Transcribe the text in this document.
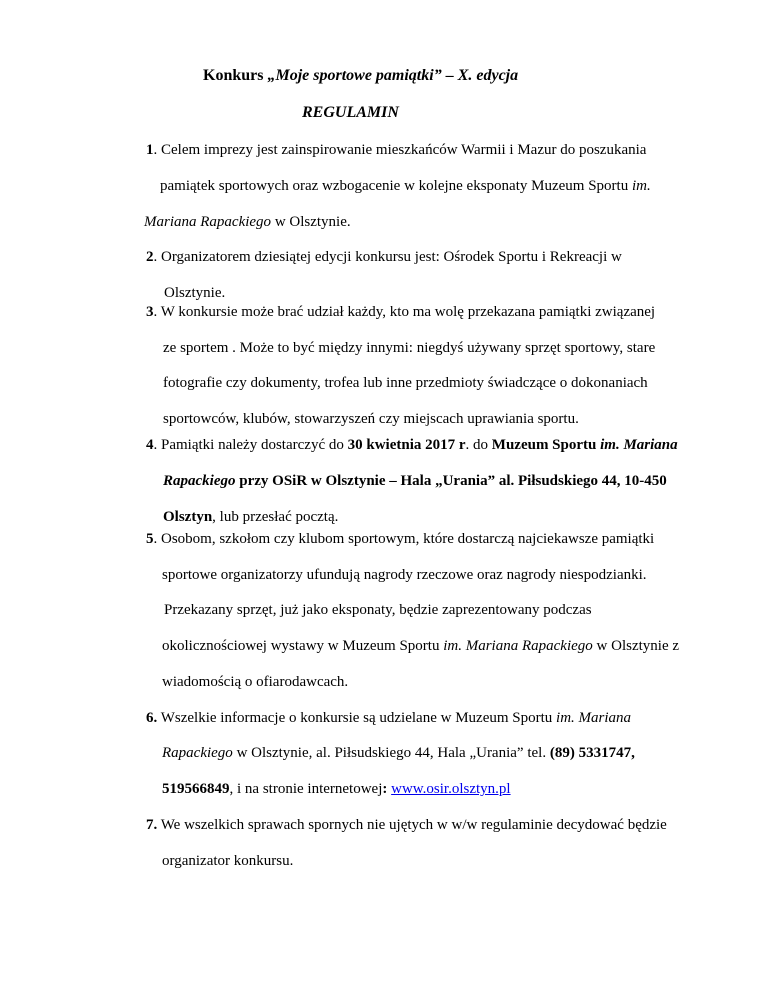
Konkurs „Moje sportowe pamiątki” – X. edycja
REGULAMIN
1. Celem imprezy jest zainspirowanie mieszkańców Warmii i Mazur do poszukania
pamiątek sportowych oraz wzbogacenie w kolejne eksponaty Muzeum Sportu im.
Mariana Rapackiego w Olsztynie.
2. Organizatorem dziesiątej edycji konkursu jest: Ośrodek Sportu i Rekreacji w
Olsztynie.
3. W konkursie może brać udział każdy, kto ma wolę przekazana pamiątki związanej
ze sportem . Może to być między innymi: niegdyś używany sprzęt sportowy, stare
fotografie czy dokumenty, trofea lub inne przedmioty świadczące o dokonaniach
sportowców, klubów, stowarzyszeń czy miejscach uprawiania sportu.
4. Pamiątki należy dostarczyć do 30 kwietnia 2017 r. do Muzeum Sportu im. Mariana
Rapackiego przy OSiR w Olsztynie – Hala „Urania” al. Piłsudskiego 44, 10-450
Olsztyn, lub przesłać pocztą.
5. Osobom, szkołom czy klubom sportowym, które dostarczą najciekawsze pamiątki
sportowe organizatorzy ufundują nagrody rzeczowe oraz nagrody niespodzianki.
Przekazany sprzęt, już jako eksponaty, będzie zaprezentowany podczas
okolicznościowej wystawy w Muzeum Sportu im. Mariana Rapackiego w Olsztynie z
wiadomością o ofiarodawcach.
6. Wszelkie informacje o konkursie są udzielane w Muzeum Sportu im. Mariana
Rapackiego w Olsztynie, al. Piłsudskiego 44, Hala „Urania” tel. (89) 5331747,
519566849, i na stronie internetowej: www.osir.olsztyn.pl
7. We wszelkich sprawach spornych nie ujętych w w/w regulaminie decydować będzie
organizator konkursu.
